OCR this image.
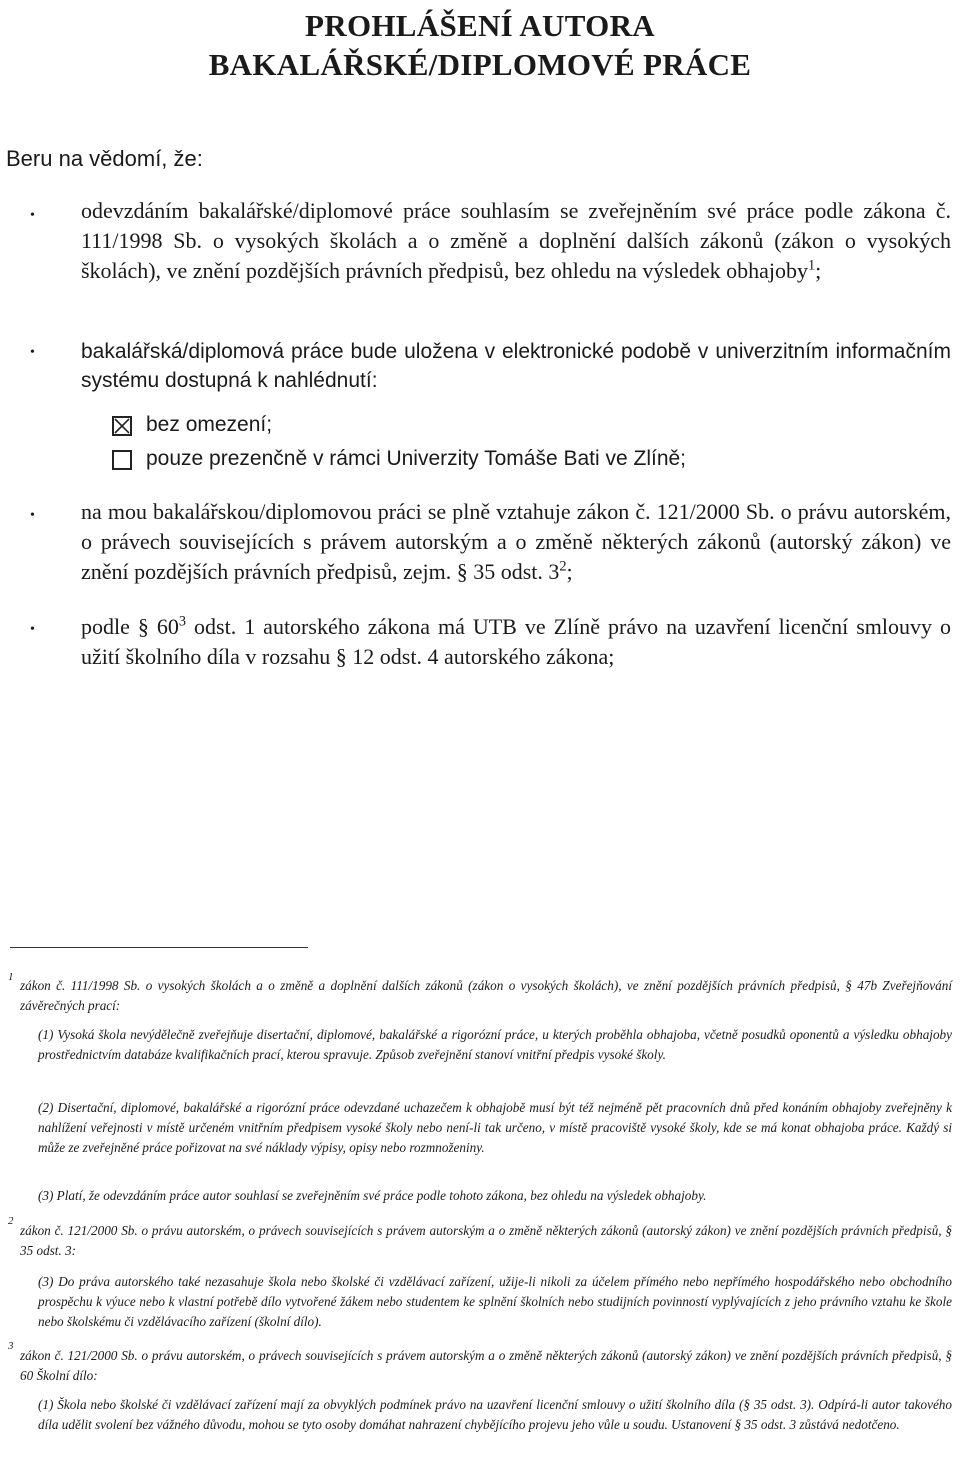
PROHLÁŠENÍ AUTORA
BAKALÁŘSKÉ/DIPLOMOVÉ PRÁCE
Beru na vědomí, že:
• odevzdáním bakalářské/diplomové práce souhlasím se zveřejněním své práce podle zákona č. 111/1998 Sb. o vysokých školách a o změně a doplnění dalších zákonů (zákon o vysokých školách), ve znění pozdějších právních předpisů, bez ohledu na výsledek obhajoby$^1$;
• bakalářská/diplomová práce bude uložena v elektronické podobě v univerzitním informačním systému dostupná k nahlédnutí:
bez omezení;
pouze prezenčně v rámci Univerzity Tomáše Bati ve Zlíně;
• na mou bakalářskou/diplomovou práci se plně vztahuje zákon č. 121/2000 Sb. o právu autorském, o právech souvisejících s právem autorským a o změně některých zákonů (autorský zákon) ve znění pozdějších právních předpisů, zejm. § 35 odst. $3^2$;
• podle § $60^3$ odst. 1 autorského zákona má UTB ve Zlíně právo na uzavření licenční smlouvy o užití školního díla v rozsahu § 12 odst. 4 autorského zákona;
1
zákon č. 111/1998 Sb. o vysokých školách a o změně a doplnění dalších zákonů (zákon o vysokých školách), ve znění pozdějších právních předpisů, § 47b Zveřejňování závěrečných prací:
(1) Vysoká škola nevýdělečně zveřejňuje disertační, diplomové, bakalářské a rigorózní práce, u kterých proběhla obhajoba, včetně posudků oponentů a výsledku obhajoby prostřednictvím databáze kvalifikačních prací, kterou spravuje. Způsob zveřejnění stanoví vnitřní předpis vysoké školy.
(2) Disertační, diplomové, bakalářské a rigorózní práce odevzdané uchazečem k obhajobě musí být též nejméně pět pracovních dnů před konáním obhajoby zveřejněny k nahlížení veřejnosti v místě určeném vnitřním předpisem vysoké školy nebo není-li tak určeno, v místě pracoviště vysoké školy, kde se má konat obhajoba práce. Každý si může ze zveřejněné práce pořizovat na své náklady výpisy, opisy nebo rozmnoženiny.
(3) Platí, že odevzdáním práce autor souhlasí se zveřejněním své práce podle tohoto zákona, bez ohledu na výsledek obhajoby.
2
zákon č. 121/2000 Sb. o právu autorském, o právech souvisejících s právem autorským a o změně některých zákonů (autorský zákon) ve znění pozdějších právních předpisů, § 35 odst. 3:
(3) Do práva autorského také nezasahuje škola nebo školské či vzdělávací zařízení, užije-li nikoli za účelem přímého nebo nepřímého hospodářského nebo obchodního prospěchu k výuce nebo k vlastní potřebě dílo vytvořené žákem nebo studentem ke splnění školních nebo studijních povinností vyplývajících z jeho právního vztahu ke škole nebo školskému či vzdělávacího zařízení (školní dílo).
3
zákon č. 121/2000 Sb. o právu autorském, o právech souvisejících s právem autorským a o změně některých zákonů (autorský zákon) ve znění pozdějších právních předpisů, § 60 Školní dílo:
(1) Škola nebo školské či vzdělávací zařízení mají za obvyklých podmínek právo na uzavření licenční smlouvy o užití školního díla (§ 35 odst. 3). Odpírá-li autor takového díla udělit svolení bez vážného důvodu, mohou se tyto osoby domáhat nahrazení chybějícího projevu jeho vůle u soudu. Ustanovení § 35 odst. 3 zůstává nedotčeno.
